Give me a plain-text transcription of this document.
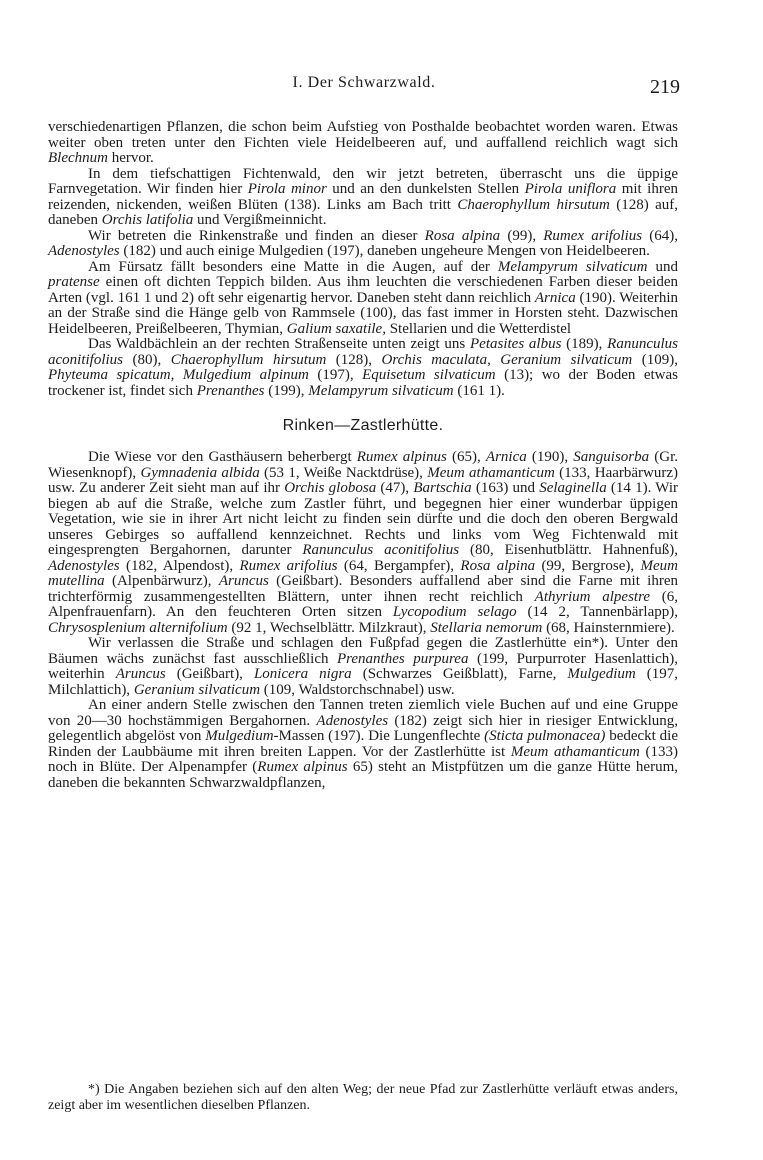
I. Der Schwarzwald.	219

verschiedenartigen Pflanzen, die schon beim Aufstieg von Posthalde beobachtet worden waren. Etwas weiter oben treten unter den Fichten viele Heidelbeeren auf, und auffallend reichlich wagt sich Blechnum hervor.

In dem tiefschattigen Fichtenwald, den wir jetzt betreten, überrascht uns die üppige Farnvegetation. Wir finden hier Pirola minor und an den dunkelsten Stellen Pirola uniflora mit ihren reizenden, nickenden, weißen Blüten (138). Links am Bach tritt Chaerophyllum hirsutum (128) auf, daneben Orchis latifolia und Vergißmeinnicht.

Wir betreten die Rinkenstraße und finden an dieser Rosa alpina (99), Rumex arifolius (64), Adenostyles (182) und auch einige Mulgedien (197), daneben ungeheure Mengen von Heidelbeeren.

Am Fürsatz fällt besonders eine Matte in die Augen, auf der Melampyrum silvaticum und pratense einen oft dichten Teppich bilden. Aus ihm leuchten die verschiedenen Farben dieser beiden Arten (vgl. 161 1 und 2) oft sehr eigenartig hervor. Daneben steht dann reichlich Arnica (190). Weiterhin an der Straße sind die Hänge gelb von Rammsele (100), das fast immer in Horsten steht. Dazwischen Heidelbeeren, Preißelbeeren, Thymian, Galium saxatile, Stellarien und die Wetterdistel

Das Waldbächlein an der rechten Straßenseite unten zeigt uns Petasites albus (189), Ranunculus aconitifolius (80), Chaerophyllum hirsutum (128), Orchis maculata, Geranium silvaticum (109), Phyteuma spicatum, Mulgedium alpinum (197), Equisetum silvaticum (13); wo der Boden etwas trockener ist, findet sich Prenanthes (199), Melampyrum silvaticum (161 1).

Rinken—Zastlerhütte.

Die Wiese vor den Gasthäusern beherbergt Rumex alpinus (65), Arnica (190), Sanguisorba (Gr. Wiesenknopf), Gymnadenia albida (53 1, Weiße Nacktdrüse), Meum athamanticum (133, Haarbärwurz) usw. Zu anderer Zeit sieht man auf ihr Orchis globosa (47), Bartschia (163) und Selaginella (14 1). Wir biegen ab auf die Straße, welche zum Zastler führt, und begegnen hier einer wunderbar üppigen Vegetation, wie sie in ihrer Art nicht leicht zu finden sein dürfte und die doch den oberen Bergwald unseres Gebirges so auffallend kennzeichnet. Rechts und links vom Weg Fichtenwald mit eingesprengten Bergahornen, darunter Ranunculus aconitifolius (80, Eisenhutblättr. Hahnenfuß), Adenostyles (182, Alpendost), Rumex arifolius (64, Bergampfer), Rosa alpina (99, Bergrose), Meum mutellina (Alpenbärwurz), Aruncus (Geißbart). Besonders auffallend aber sind die Farne mit ihren trichterförmig zusammengestellten Blättern, unter ihnen recht reichlich Athyrium alpestre (6, Alpenfrauenfarn). An den feuchteren Orten sitzen Lycopodium selago (14 2, Tannenbärlapp), Chrysosplenium alternifolium (92 1, Wechselblättr. Milzkraut), Stellaria nemorum (68, Hainsternmiere).

Wir verlassen die Straße und schlagen den Fußpfad gegen die Zastlerhütte ein*). Unter den Bäumen wächs zunächst fast ausschließlich Prenanthes purpurea (199, Purpurroter Hasenlattich), weiterhin Aruncus (Geißbart), Lonicera nigra (Schwarzes Geißblatt), Farne, Mulgedium (197, Milchlattich), Geranium silvaticum (109, Waldstorchschnabel) usw.

An einer andern Stelle zwischen den Tannen treten ziemlich viele Buchen auf und eine Gruppe von 20—30 hochstämmigen Bergahornen. Adenostyles (182) zeigt sich hier in riesiger Entwicklung, gelegentlich abgelöst von Mulgedium-Massen (197). Die Lungenflechte (Sticta pulmonacea) bedeckt die Rinden der Laubbäume mit ihren breiten Lappen. Vor der Zastlerhütte ist Meum athamanticum (133) noch in Blüte. Der Alpenampfer (Rumex alpinus 65) steht an Mistpfützen um die ganze Hütte herum, daneben die bekannten Schwarzwaldpflanzen,

*) Die Angaben beziehen sich auf den alten Weg; der neue Pfad zur Zastlerhütte verläuft etwas anders, zeigt aber im wesentlichen dieselben Pflanzen.
